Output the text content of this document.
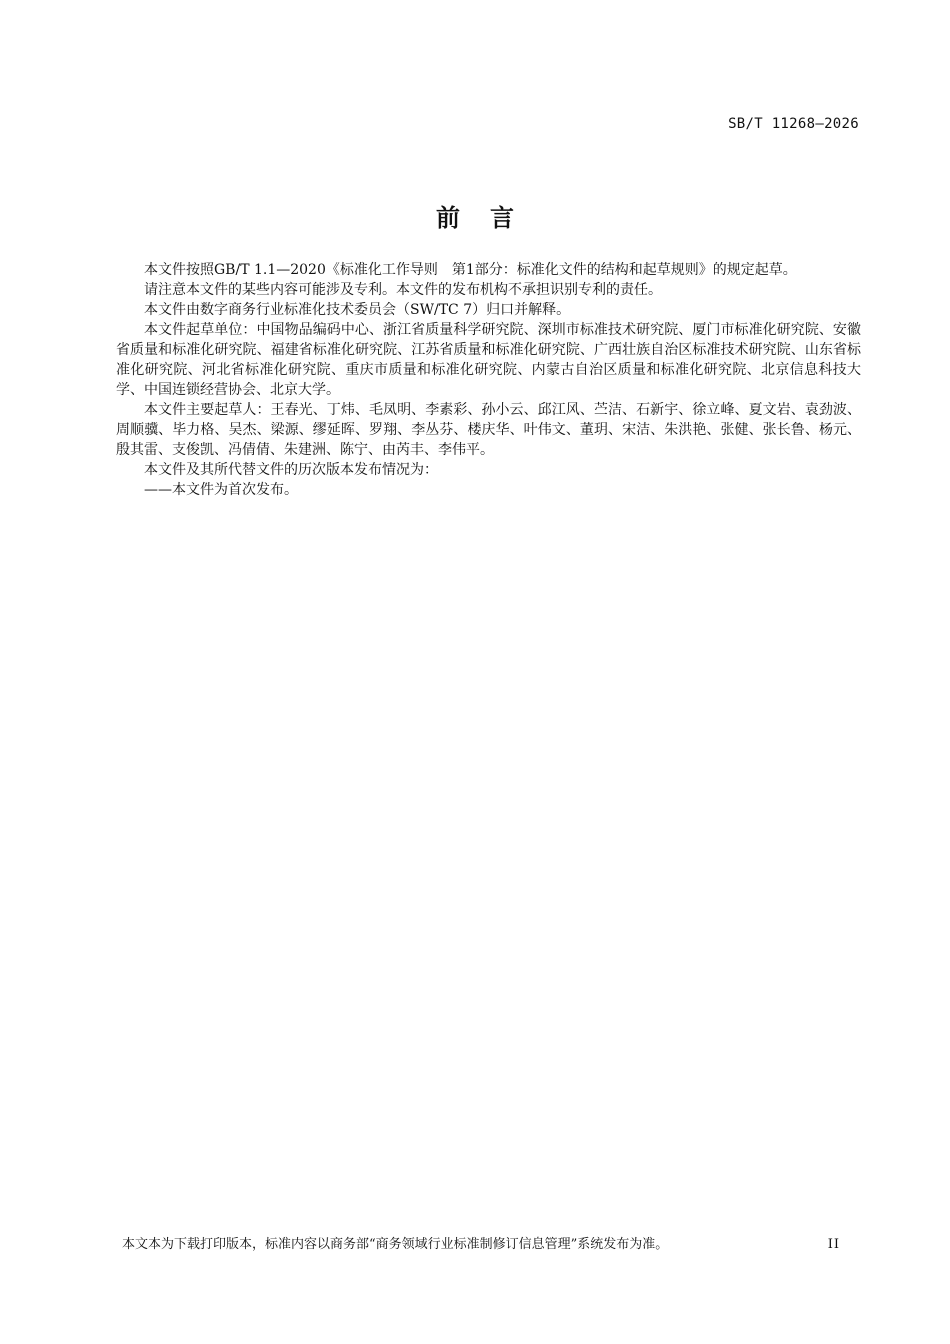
SB/T 11268—2026
前言

本文件按照GB/T 1.1—2020《标准化工作导则　第1部分：标准化文件的结构和起草规则》的规定起草。

请注意本文件的某些内容可能涉及专利。本文件的发布机构不承担识别专利的责任。

本文件由数字商务行业标准化技术委员会（SW/TC 7）归口并解释。

本文件起草单位：中国物品编码中心、浙江省质量科学研究院、深圳市标准技术研究院、厦门市标准化研究院、安徽省质量和标准化研究院、福建省标准化研究院、江苏省质量和标准化研究院、广西壮族自治区标准技术研究院、山东省标准化研究院、河北省标准化研究院、重庆市质量和标准化研究院、内蒙古自治区质量和标准化研究院、北京信息科技大学、中国连锁经营协会、北京大学。

本文件主要起草人：王春光、丁炜、毛凤明、李素彩、孙小云、邱江风、苎洁、石新宇、徐立峰、夏文岩、袁劲波、周顺骥、毕力格、吴杰、梁源、缪延晖、罗翔、李丛芬、楼庆华、叶伟文、董玥、宋洁、朱洪艳、张健、张长鲁、杨元、殷其雷、支俊凯、冯倩倩、朱建洲、陈宁、由芮丰、李伟平。

本文件及其所代替文件的历次版本发布情况为：

——本文件为首次发布。

本文本为下载打印版本，标准内容以商务部“商务领域行业标准制修订信息管理”系统发布为准。	II
